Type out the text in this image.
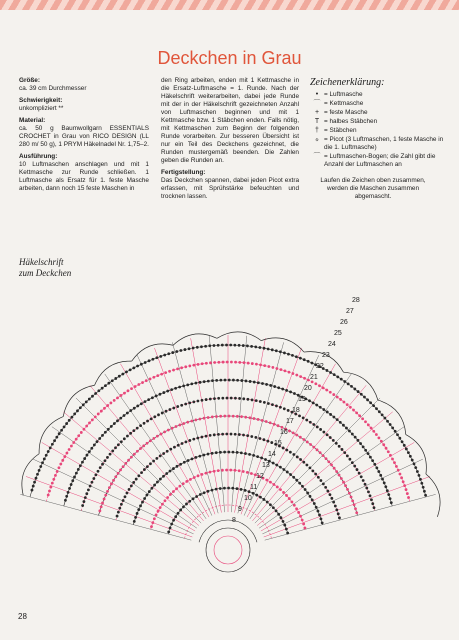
Deckchen in Grau

Größe:

ca. 39 cm Durchmesser

Schwierigkeit:

unkompliziert **

Material:

ca. 50 g Baumwollgarn ESSENTIALS CROCHET in Grau von RICO DESIGN (LL 280 m/ 50 g), 1 PRYM Häkelnadel Nr. 1,75–2.

Ausführung:

10 Luftmaschen anschlagen und mit 1 Kettmasche zur Runde schließen. 1 Luftmasche als Ersatz für 1. feste Masche arbeiten, dann noch 15 feste Maschen in

den Ring arbeiten, enden mit 1 Kettmasche in die Ersatz-Luftmasche = 1. Runde. Nach der Häkelschrift weiterarbeiten, dabei jede Runde mit der in der Häkelschrift gezeichneten Anzahl von Luftmaschen beginnen und mit 1 Kettmasche bzw. 1 Stäbchen enden. Falls nötig, mit Kettmaschen zum Beginn der folgenden Runde vorarbeiten. Zur besseren Übersicht ist nur ein Teil des Deckchens gezeichnet, die Runden mustergemäß beenden. Die Zahlen geben die Runden an.

Fertigstellung:

Das Deckchen spannen, dabei jeden Picot extra erfassen, mit Sprühstärke befeuchten und trocknen lassen.

Zeichenerklärung:
• = Luftmasche
⌒ = Kettmasche
+ = feste Masche
T = halbes Stäbchen
† = Stäbchen
ℴ = Picot (3 Luftmaschen, 1 feste Masche in die 1. Luftmasche)
⌒ = Luftmaschen-Bogen; die Zahl gibt die Anzahl der Luftmaschen an
Laufen die Zeichen oben zusammen, werden die Maschen zusammen abgemascht.
Häkelschrift
zum Deckchen
28
27
26
25
24
23
22
21
20
19
18
17
16
15
14
13
12
11
10
9
8
28
